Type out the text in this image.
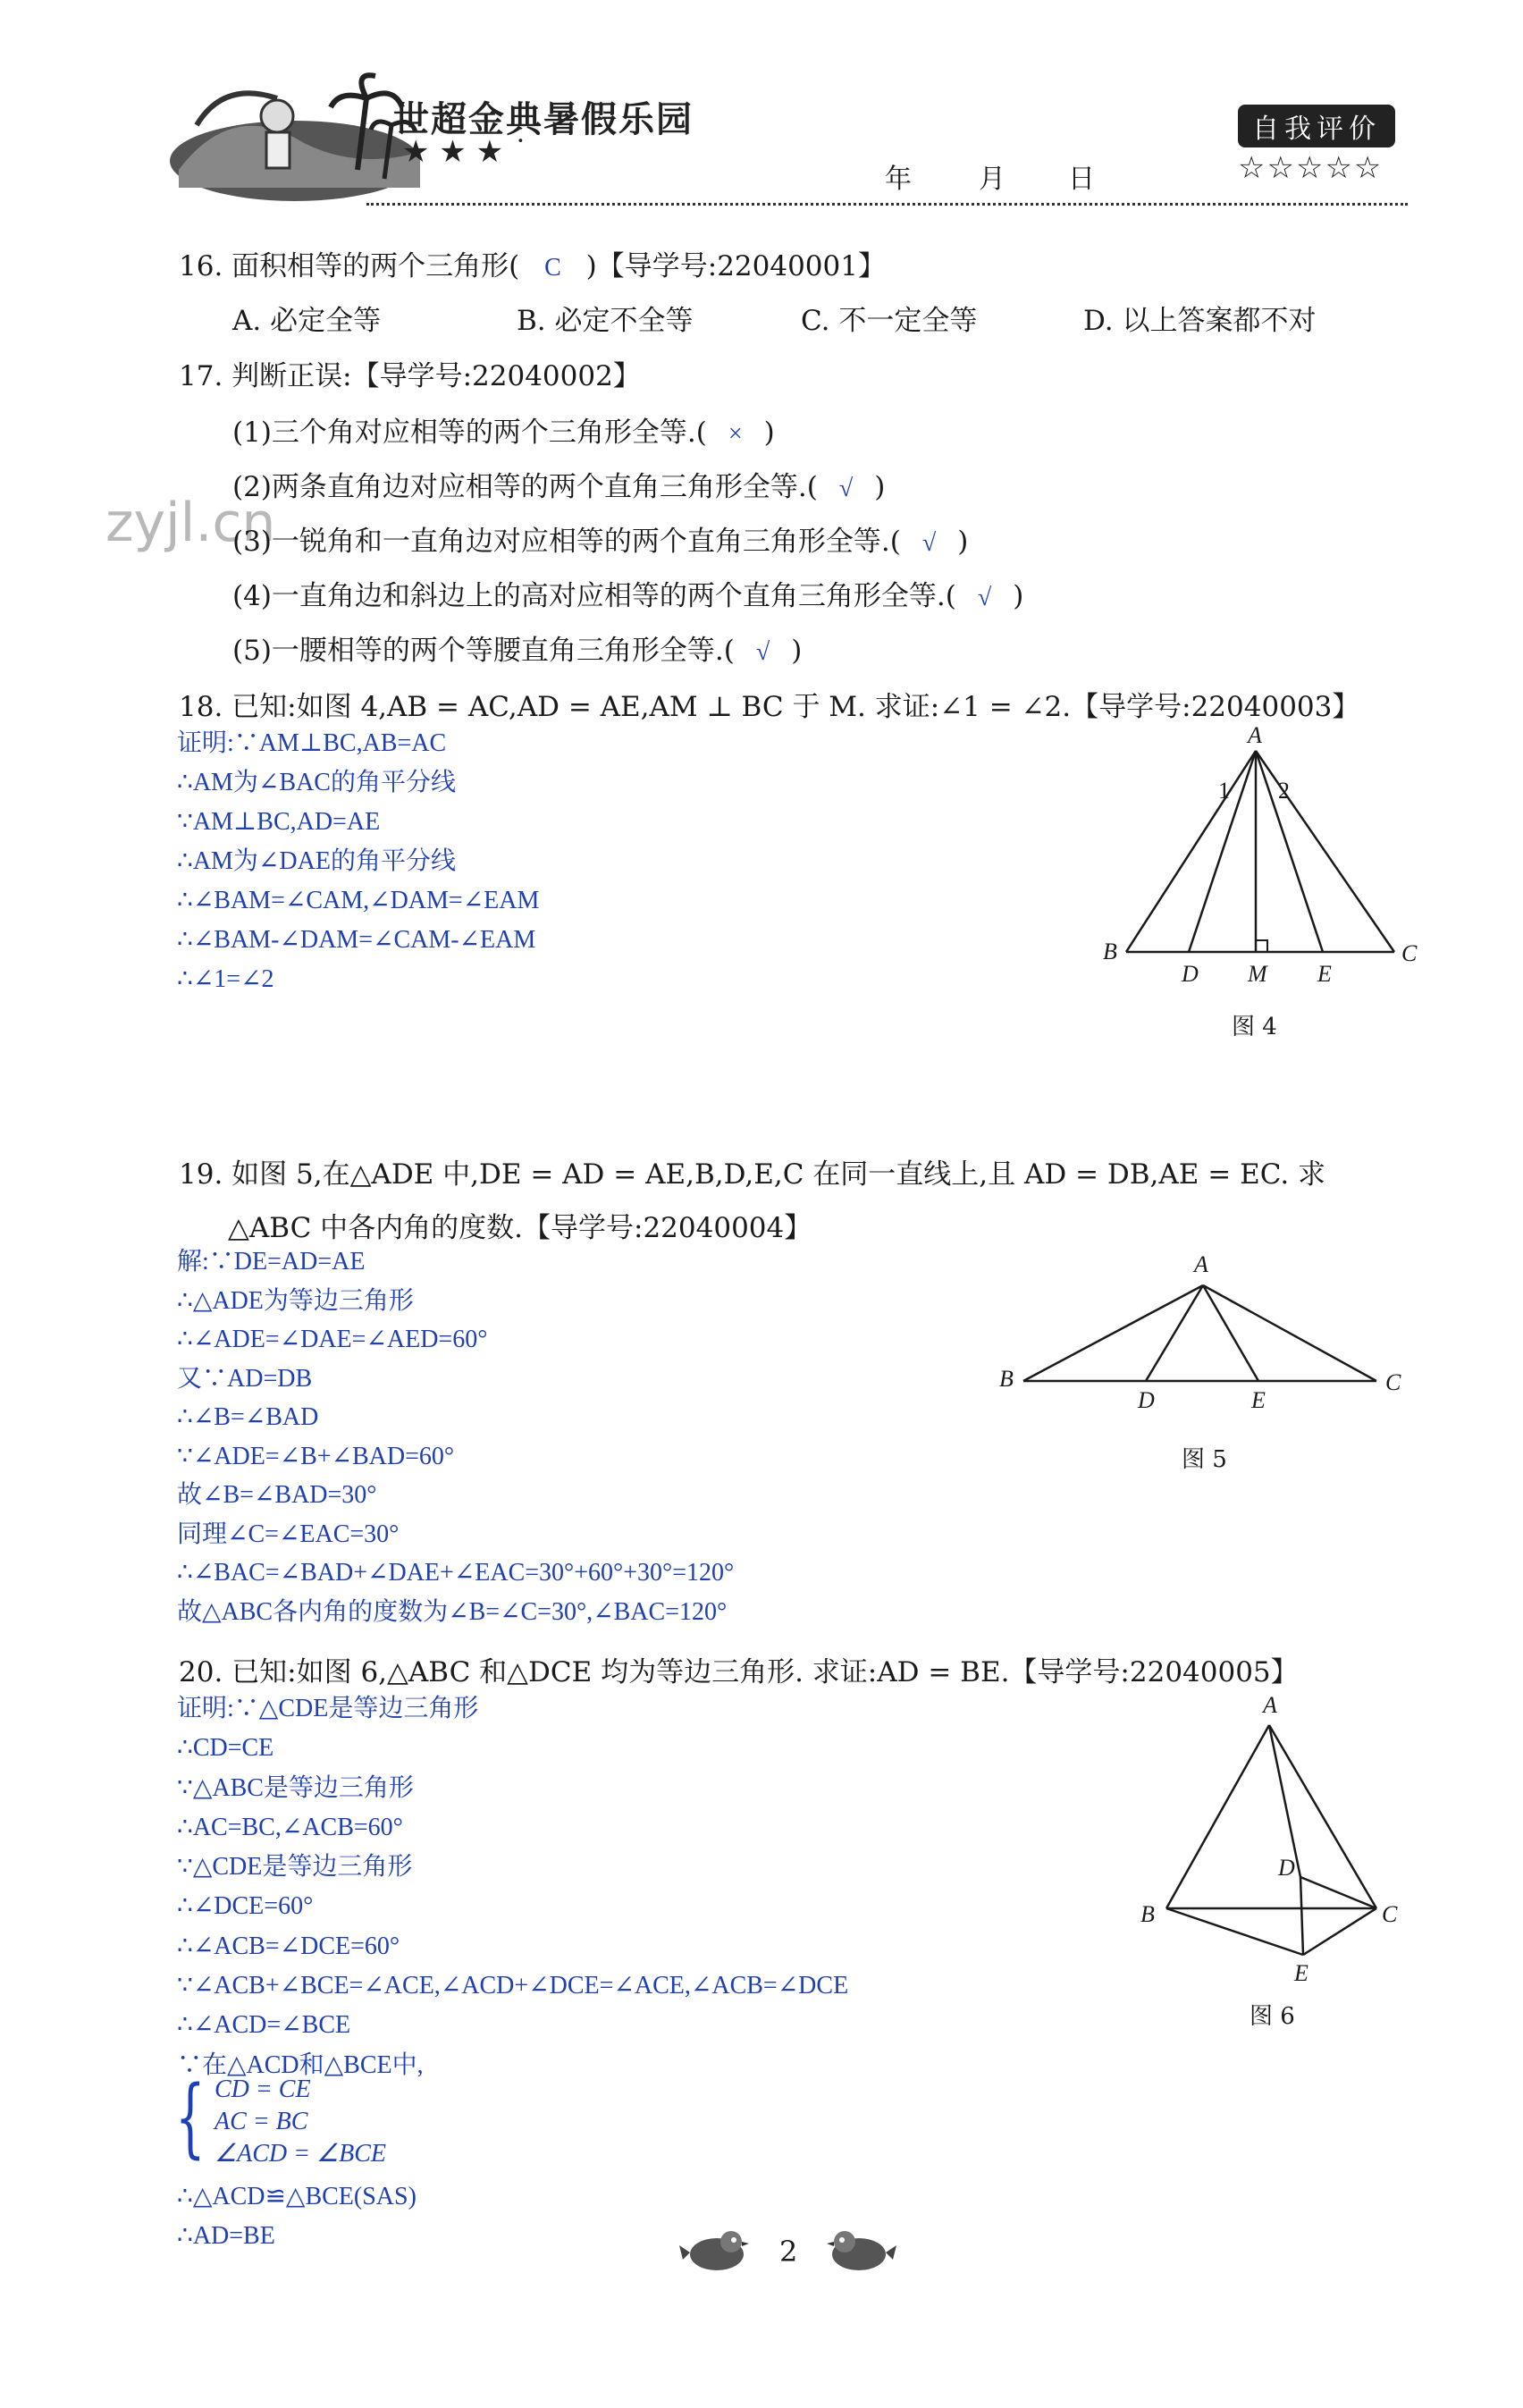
世超金典暑假乐园
★ ★ ★ ˙
年	月 日
自我评价
☆☆☆☆☆
zyjl.cn
16. 面积相等的两个三角形( C )【导学号:22040001】
A. 必定全等	B. 必定不全等	C. 不一定全等	D. 以上答案都不对
17. 判断正误:【导学号:22040002】
(1)三个角对应相等的两个三角形全等.( × )
(2)两条直角边对应相等的两个直角三角形全等.( √ )
(3)一锐角和一直角边对应相等的两个直角三角形全等.( √ )
(4)一直角边和斜边上的高对应相等的两个直角三角形全等.( √ )
(5)一腰相等的两个等腰直角三角形全等.( √ )
18. 已知:如图 4,AB = AC,AD = AE,AM ⊥ BC 于 M. 求证:∠1 = ∠2.【导学号:22040003】
证明:∵AM⊥BC,AB=AC
∴AM为∠BAC的角平分线
∵AM⊥BC,AD=AE
∴AM为∠DAE的角平分线
∴∠BAM=∠CAM,∠DAM=∠EAM
∴∠BAM-∠DAM=∠CAM-∠EAM
∴∠1=∠2
A
1 2
B
D M E
C
图 4
19. 如图 5,在△ADE 中,DE = AD = AE,B,D,E,C 在同一直线上,且 AD = DB,AE = EC. 求
△ABC 中各内角的度数.【导学号:22040004】
解:∵DE=AD=AE
∴△ADE为等边三角形
∴∠ADE=∠DAE=∠AED=60°
又∵AD=DB
∴∠B=∠BAD
∵∠ADE=∠B+∠BAD=60°
故∠B=∠BAD=30°
同理∠C=∠EAC=30°
∴∠BAC=∠BAD+∠DAE+∠EAC=30°+60°+30°=120°
故△ABC各内角的度数为∠B=∠C=30°,∠BAC=120°
A
B
D	E
C
图 5
20. 已知:如图 6,△ABC 和△DCE 均为等边三角形. 求证:AD = BE.【导学号:22040005】
证明:∵△CDE是等边三角形
∴CD=CE
∵△ABC是等边三角形
∴AC=BC,∠ACB=60°
∵△CDE是等边三角形
∴∠DCE=60°
∴∠ACB=∠DCE=60°
∵∠ACB+∠BCE=∠ACE,∠ACD+∠DCE=∠ACE,∠ACB=∠DCE
∴∠ACD=∠BCE
∵在△ACD和△BCE中,
{ CD = CE
AC = BC
∠ACD = ∠BCE
∴△ACD≌△BCE(SAS)
∴AD=BE
A
D
B	C
E
图 6
2
